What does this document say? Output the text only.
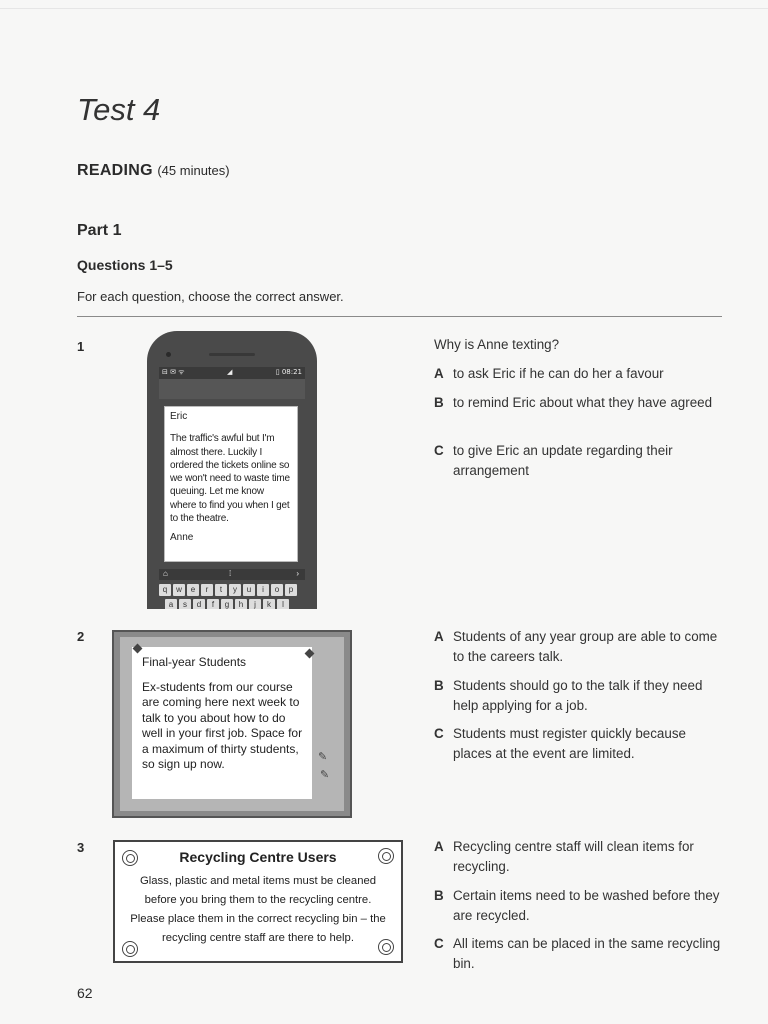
Test 4
READING (45 minutes)
Part 1
Questions 1–5
For each question, choose the correct answer.
1
⊟ ✉ ᯤ	◢	▯ 08:21

Eric

The traffic's awful but I'm almost there. Luckily I ordered the tickets online so we won't need to waste time queuing. Let me know where to find you when I get to the theatre.

Anne

⌂	⁞	›
q	w	e	r	t	y	u	i	o	p
a	s	d	f	g	h	j	k	l
Why is Anne texting?
A to ask Eric if he can do her a favour
B to remind Eric about what they have agreed
C to give Eric an update regarding their arrangement
2

Final-year Students

Ex-students from our course are coming here next week to talk to you about how to do well in your first job. Space for a maximum of thirty students, so sign up now.	✎
✎
A Students of any year group are able to come to the careers talk.
B Students should go to the talk if they need help applying for a job.
C Students must register quickly because places at the event are limited.
3
Recycling Centre Users
Glass, plastic and metal items must be cleaned before you bring them to the recycling centre. Please place them in the correct recycling bin – the recycling centre staff are there to help.
A Recycling centre staff will clean items for recycling.
B Certain items need to be washed before they are recycled.
C All items can be placed in the same recycling bin.
62
